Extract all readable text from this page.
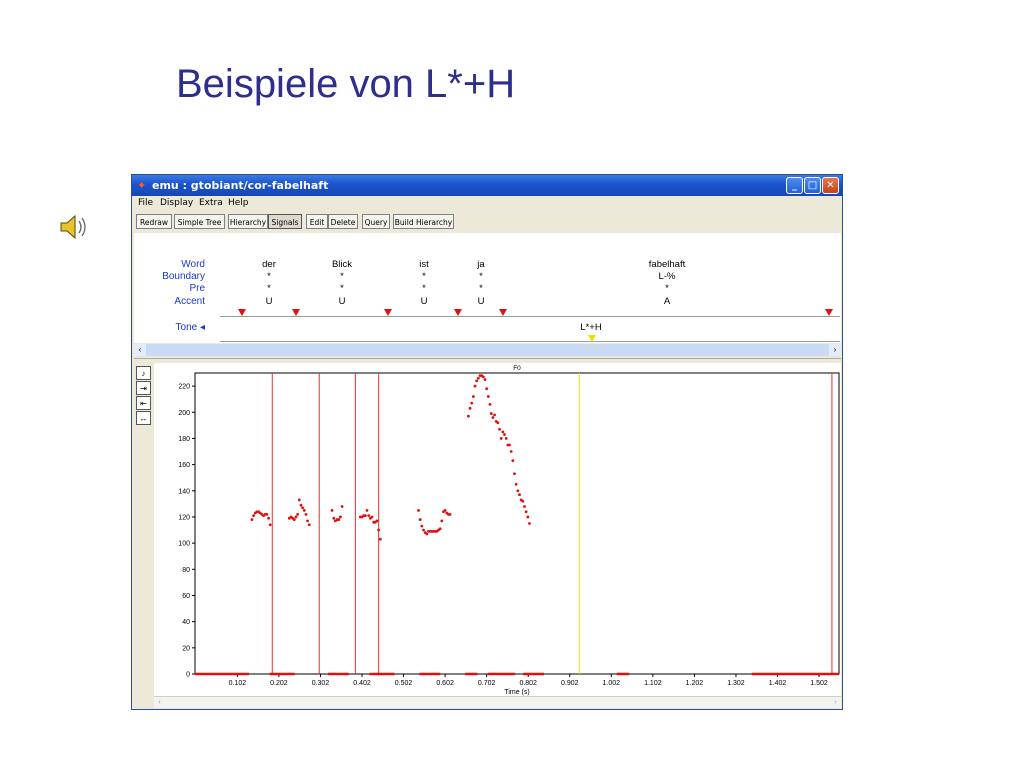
Beispiele von L*+H
✦ emu : gtobiant/cor-fabelhaft	_	□ ✕
File Display Extra Help
Redraw	Simple Tree	Hierarchy Signals	Edit Delete	Query Build Hierarchy
Word
Boundary
Pre
Accent
Tone ◂
der
*
*
U
Blick
*
*
U
ist
*
*
U
ja
*
*
U
fabelhaft
L-%
*
A
L*+H
‹	›
♪
⇥
⇤
↔
F0
Time (s)
0
20
40
60
80
100
120
140
160
180
200
220
0.102	0.202	0.302	0.402	0.502	0.602	0.702	0.802	0.902	1.002	1.102	1.202	1.302	1.402	1.502
‹	›
